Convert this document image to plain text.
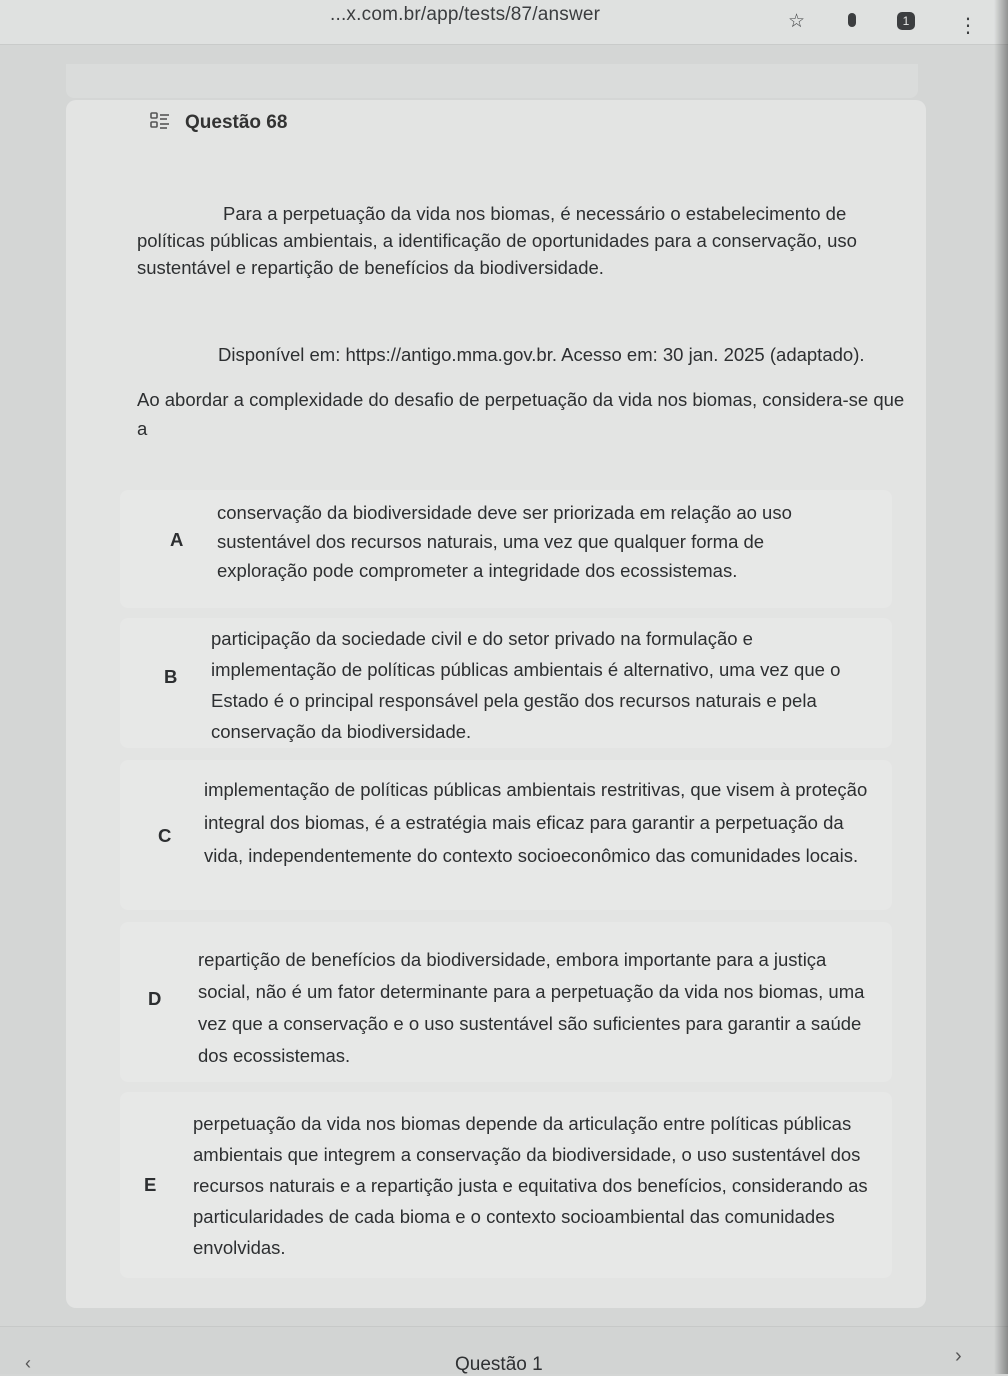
...x.com.br/app/tests/87/answer	☆	1 ⋮
Questão 68
Para a perpetuação da vida nos biomas, é necessário o estabelecimento de políticas públicas ambientais, a identificação de oportunidades para a conservação, uso sustentável e repartição de benefícios da biodiversidade.
Disponível em: https://antigo.mma.gov.br. Acesso em: 30 jan. 2025 (adaptado).
Ao abordar a complexidade do desafio de perpetuação da vida nos biomas, considera-se que a
A
conservação da biodiversidade deve ser priorizada em relação ao uso sustentável dos recursos naturais, uma vez que qualquer forma de exploração pode comprometer a integridade dos ecossistemas.
B
participação da sociedade civil e do setor privado na formulação e implementação de políticas públicas ambientais é alternativo, uma vez que o Estado é o principal responsável pela gestão dos recursos naturais e pela conservação da biodiversidade.
C
implementação de políticas públicas ambientais restritivas, que visem à proteção integral dos biomas, é a estratégia mais eficaz para garantir a perpetuação da vida, independentemente do contexto socioeconômico das comunidades locais.
D
repartição de benefícios da biodiversidade, embora importante para a justiça social, não é um fator determinante para a perpetuação da vida nos biomas, uma vez que a conservação e o uso sustentável são suficientes para garantir a saúde dos ecossistemas.
E
perpetuação da vida nos biomas depende da articulação entre políticas públicas ambientais que integrem a conservação da biodiversidade, o uso sustentável dos recursos naturais e a repartição justa e equitativa dos benefícios, considerando as particularidades de cada bioma e o contexto socioambiental das comunidades envolvidas.
‹	Questão 1	›
